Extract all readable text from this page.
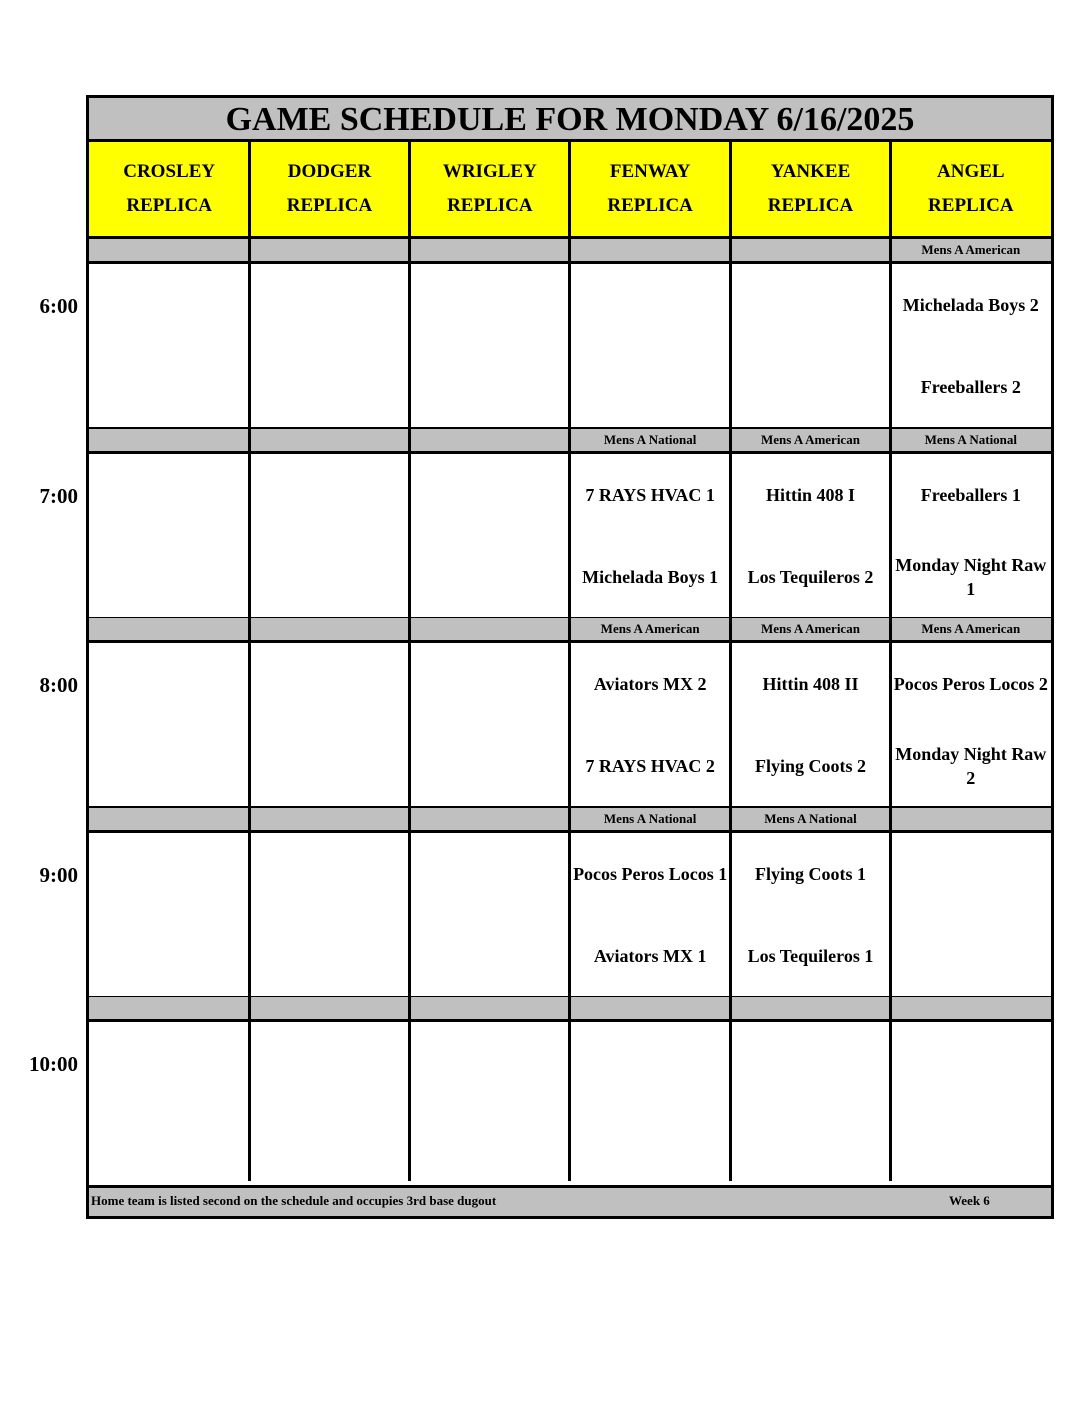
GAME SCHEDULE FOR MONDAY 6/16/2025
Home team is listed second on the schedule and occupies 3rd base dugout	Week 6
CROSLEY
REPLICA
DODGER
REPLICA
WRIGLEY
REPLICA
FENWAY
REPLICA
YANKEE
REPLICA
ANGEL
REPLICA
Mens A American
Michelada Boys 2
Freeballers 2
Mens A National
7 RAYS HVAC 1
Michelada Boys 1
Mens A American
Hittin 408 I
Los Tequileros 2
Mens A National
Freeballers 1
Monday Night Raw 1
Mens A American
Aviators MX 2
7 RAYS HVAC 2
Mens A American
Hittin 408 II
Flying Coots 2
Mens A American
Pocos Peros Locos 2
Monday Night Raw 2
Mens A National
Pocos Peros Locos 1
Aviators MX 1
Mens A National
Flying Coots 1
Los Tequileros 1
6:00
7:00
8:00
9:00
10:00
